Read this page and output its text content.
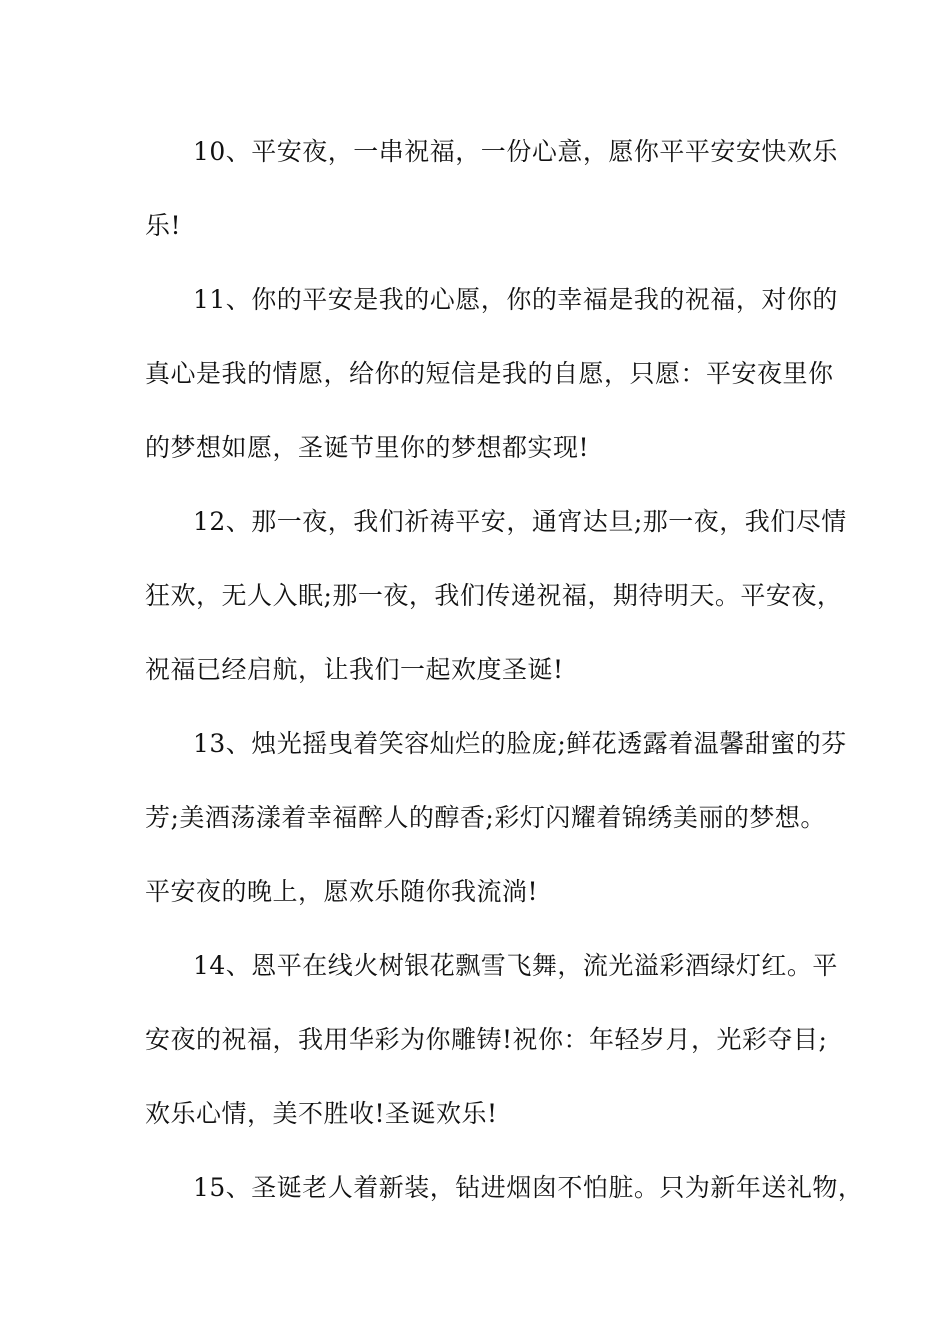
10、平安夜，一串祝福，一份心意，愿你平平安安快欢乐
乐!
11、你的平安是我的心愿，你的幸福是我的祝福，对你的
真心是我的情愿，给你的短信是我的自愿，只愿：平安夜里你
的梦想如愿，圣诞节里你的梦想都实现!
12、那一夜，我们祈祷平安，通宵达旦;那一夜，我们尽情
狂欢，无人入眠;那一夜，我们传递祝福，期待明天。平安夜，
祝福已经启航，让我们一起欢度圣诞!
13、烛光摇曳着笑容灿烂的脸庞;鲜花透露着温馨甜蜜的芬
芳;美酒荡漾着幸福醉人的醇香;彩灯闪耀着锦绣美丽的梦想。
平安夜的晚上，愿欢乐随你我流淌!
14、恩平在线火树银花飘雪飞舞，流光溢彩酒绿灯红。平
安夜的祝福，我用华彩为你雕铸!祝你：年轻岁月，光彩夺目;
欢乐心情，美不胜收!圣诞欢乐!
15、圣诞老人着新装，钻进烟囱不怕脏。只为新年送礼物，
